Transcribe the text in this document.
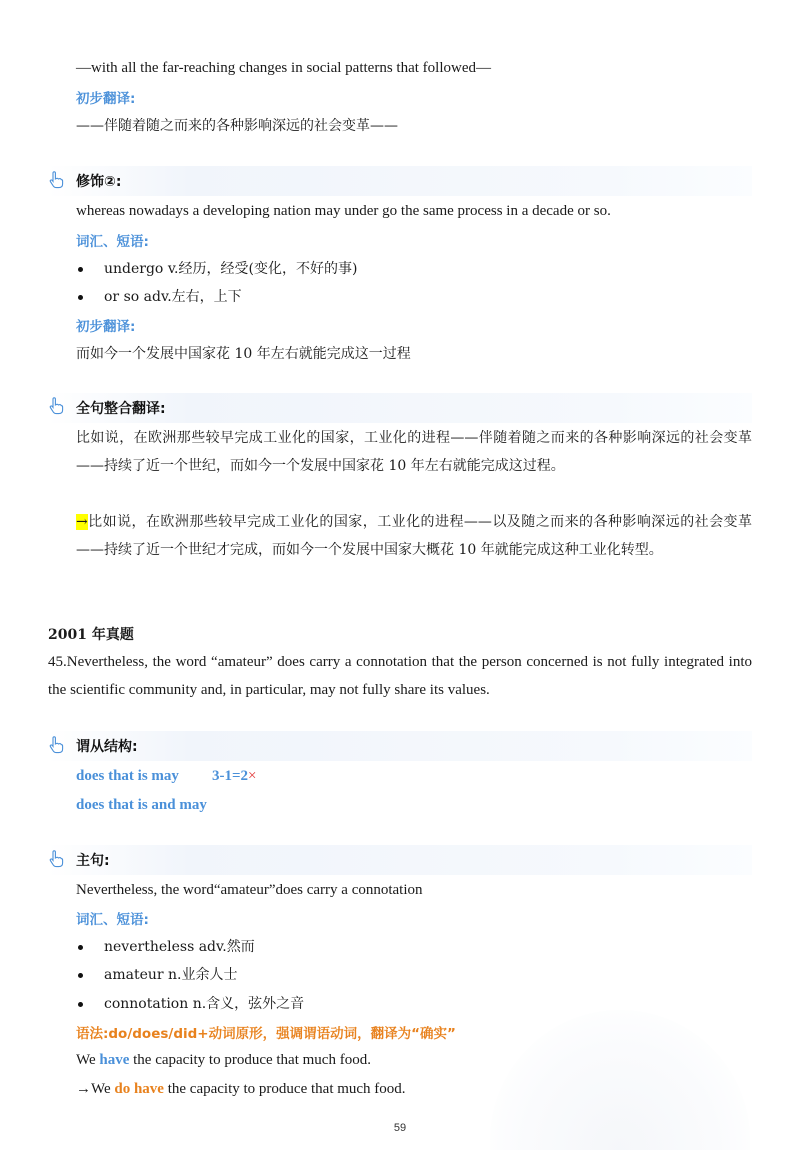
—with all the far-reaching changes in social patterns that followed—
初步翻译:
——伴随着随之而来的各种影响深远的社会变革——
修饰②:
whereas nowadays a developing nation may under go the same process in a decade or so.
词汇、短语:
undergo v.经历，经受(变化，不好的事)
or so adv.左右，上下
初步翻译:
而如今一个发展中国家花 10 年左右就能完成这一过程
全句整合翻译:
比如说，在欧洲那些较早完成工业化的国家，工业化的进程——伴随着随之而来的各种影响深远的社会变革——持续了近一个世纪，而如今一个发展中国家花 10 年左右就能完成这过程。
→比如说，在欧洲那些较早完成工业化的国家，工业化的进程——以及随之而来的各种影响深远的社会变革——持续了近一个世纪才完成，而如今一个发展中国家大概花 10 年就能完成这种工业化转型。
2001 年真题
45.Nevertheless, the word “amateur” does carry a connotation that the person concerned is not fully integrated into the scientific community and, in particular, may not fully share its values.
谓从结构:
does that is may 3-1=2×
does that is and may
主句:
Nevertheless, the word“amateur”does carry a connotation
词汇、短语:
nevertheless adv.然而
amateur n.业余人士
connotation n.含义，弦外之音
语法:do/does/did+动词原形，强调谓语动词，翻译为“确实”
We have the capacity to produce that much food.
→We do have the capacity to produce that much food.
59
